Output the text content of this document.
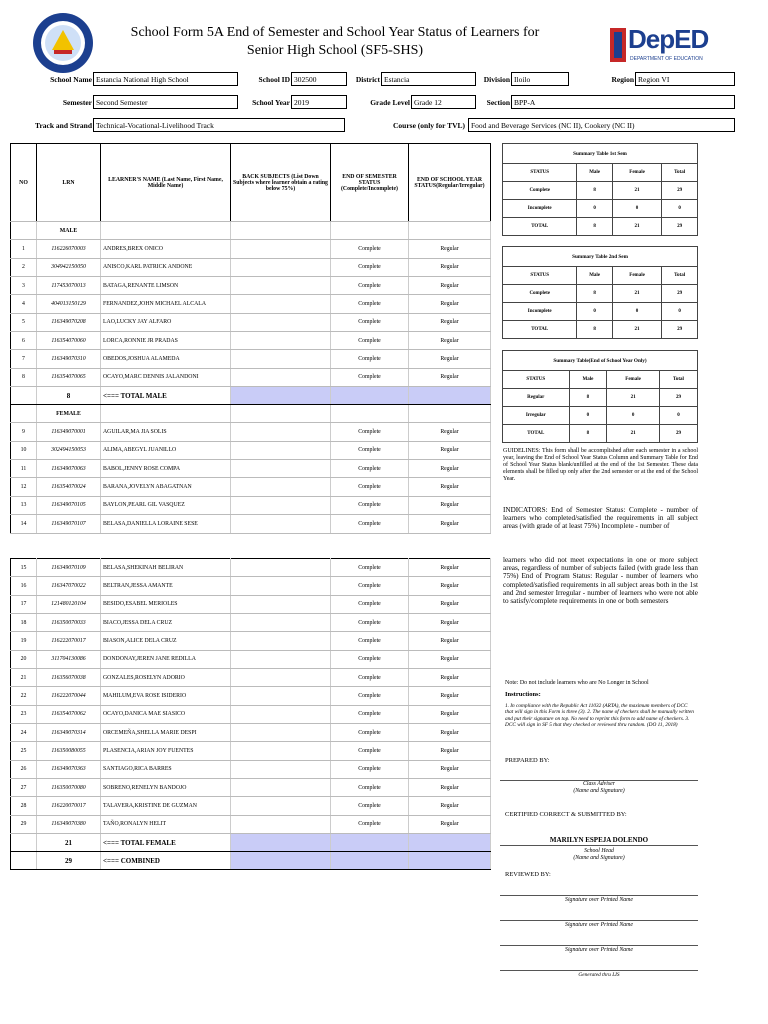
School Form 5A End of Semester and School Year Status of Learners for
Senior High School (SF5-SHS)	DepED
DEPARTMENT OF EDUCATION
School Name Estancia National High School	School ID 302500	District Estancia	Division Iloilo	Region Region VI
Semester Second Semester	School Year 2019	Grade Level Grade 12	Section BPP-A
Track and Strand Technical-Vocational-Livelihood Track	Course (only for TVL) Food and Beverage Services (NC II), Cookery (NC II)
NO	LRN	LEARNER'S NAME (Last Name, First Name, Middle Name)	BACK SUBJECTS (List Down Subjects where learner obtain a rating below 75%)	END OF SEMESTER STATUS (Complete/Incomplete)	END OF SCHOOL YEAR STATUS(Regular/Irregular)
	MALE				
1	116226070003	ANDRES,BREX ONICO		Complete	Regular
2	304942150050	ANISCO,KARL PATRICK ANDONE		Complete	Regular
3	117453070013	BATAGA,RENANTE LIMSON		Complete	Regular
4	404013150129	FERNANDEZ,JOHN MICHAEL ALCALA		Complete	Regular
5	116349070208	LAO,LUCKY JAY ALFARO		Complete	Regular
6	116354070060	LORCA,RONNIE JR PRADAS		Complete	Regular
7	116349070310	OBEDOS,JOSHUA ALAMEDA		Complete	Regular
8	116354070065	OCAYO,MARC DENNIS JALANDONI		Complete	Regular
	8	<=== TOTAL MALE			
	FEMALE				
9	116349070001	AGUILAR,MA JIA SOLIS		Complete	Regular
10	302494150053	ALIMA,ABEGYL JUANILLO		Complete	Regular
11	116349070063	BABOL,JENNY ROSE COMPA		Complete	Regular
12	116354070024	BARANA,JOVELYN ABAGATNAN		Complete	Regular
13	116349070105	BAYLON,PEARL GIL VASQUEZ		Complete	Regular
14	116349070107	BELASA,DANIELLA LORAINE SESE		Complete	Regular
15	116349070109	BELASA,SHEKINAH BELIRAN		Complete	Regular
16	116347070022	BELTRAN,JESSA AMANTE		Complete	Regular
17	121480120104	BESIDO,ESABEL MERIOLES		Complete	Regular
18	116350070033	BIACO,JESSA DELA CRUZ		Complete	Regular
19	116222070017	BIASON,ALICE DELA CRUZ		Complete	Regular
20	311704130086	DONDONAY,JEREN JANE REDILLA		Complete	Regular
21	116356070038	GONZALES,ROSELYN ADORIO		Complete	Regular
22	116222070044	MAHILUM,EVA ROSE ISIDERIO		Complete	Regular
23	116354070062	OCAYO,DANICA MAE SIASICO		Complete	Regular
24	116349070314	ORCEMEÑA,SHELLA MARIE DESPI		Complete	Regular
25	116350080055	PLASENCIA,ARIAN JOY FUENTES		Complete	Regular
26	116349070363	SANTIAGO,RICA BARRES		Complete	Regular
27	116350070080	SOBRENO,RENELYN BANDOJO		Complete	Regular
28	116220070017	TALAVERA,KRISTINE DE GUZMAN		Complete	Regular
29	116349070380	TAÑO,RONALYN HELIT		Complete	Regular
	21	<=== TOTAL FEMALE			
	29	<=== COMBINED			
Summary Table 1st Sem			
STATUS	Male	Female	Total
Complete	8	21	29
Incomplete	0	0	0
TOTAL	8	21	29
Summary Table 2nd Sem			
STATUS	Male	Female	Total
Complete	8	21	29
Incomplete	0	0	0
TOTAL	8	21	29
Summary Table(End of School Year Only)			
STATUS	Male	Female	Total
Regular	8	21	29
Irregular	0	0	0
TOTAL	8	21	29
GUIDELINES: This form shall be accomplished after each semester in a school year, leaving the End of School Year Status Column and Summary Table for End of School Year Status blank/unfilled at the end of the 1st Semester. These data elements shall be filled up only after the 2nd semester or at the end of the School Year.
INDICATORS: End of Semester Status: Complete - number of learners who completed/satisfied the requirements in all subject areas (with grade of at least 75%) Incomplete - number of
learners who did not meet expectations in one or more subject areas, regardless of number of subjects failed (with grade less than 75%) End of Program Status: Regular - number of learners who completed/satisfied requirements in all subject areas both in the 1st and 2nd semester Irregular - number of learners who were not able to satisfy/complete requirements in one or both semesters
Note: Do not include learners who are No Longer in School
Instructions:
1. In compliance with the Republic Act 11032 (ARTA), the maximum members of DCC that will sign in this Form is three (3). 2. The name of checkers shall be manually written and put their signature on top. No need to reprint this form to add name of checkers. 3. DCC will sign in SF 5 that they checked or reviewed thru random. (DO 11, 2018)
PREPARED BY:
Class Adviser
(Name and Signature)
CERTIFIED CORRECT & SUBMITTED BY:
MARILYN ESPEJA DOLENDO
School Head
(Name and Signature)
REVIEWED BY:
Signature over Printed Name
Signature over Printed Name
Signature over Printed Name
Generated thru LIS
